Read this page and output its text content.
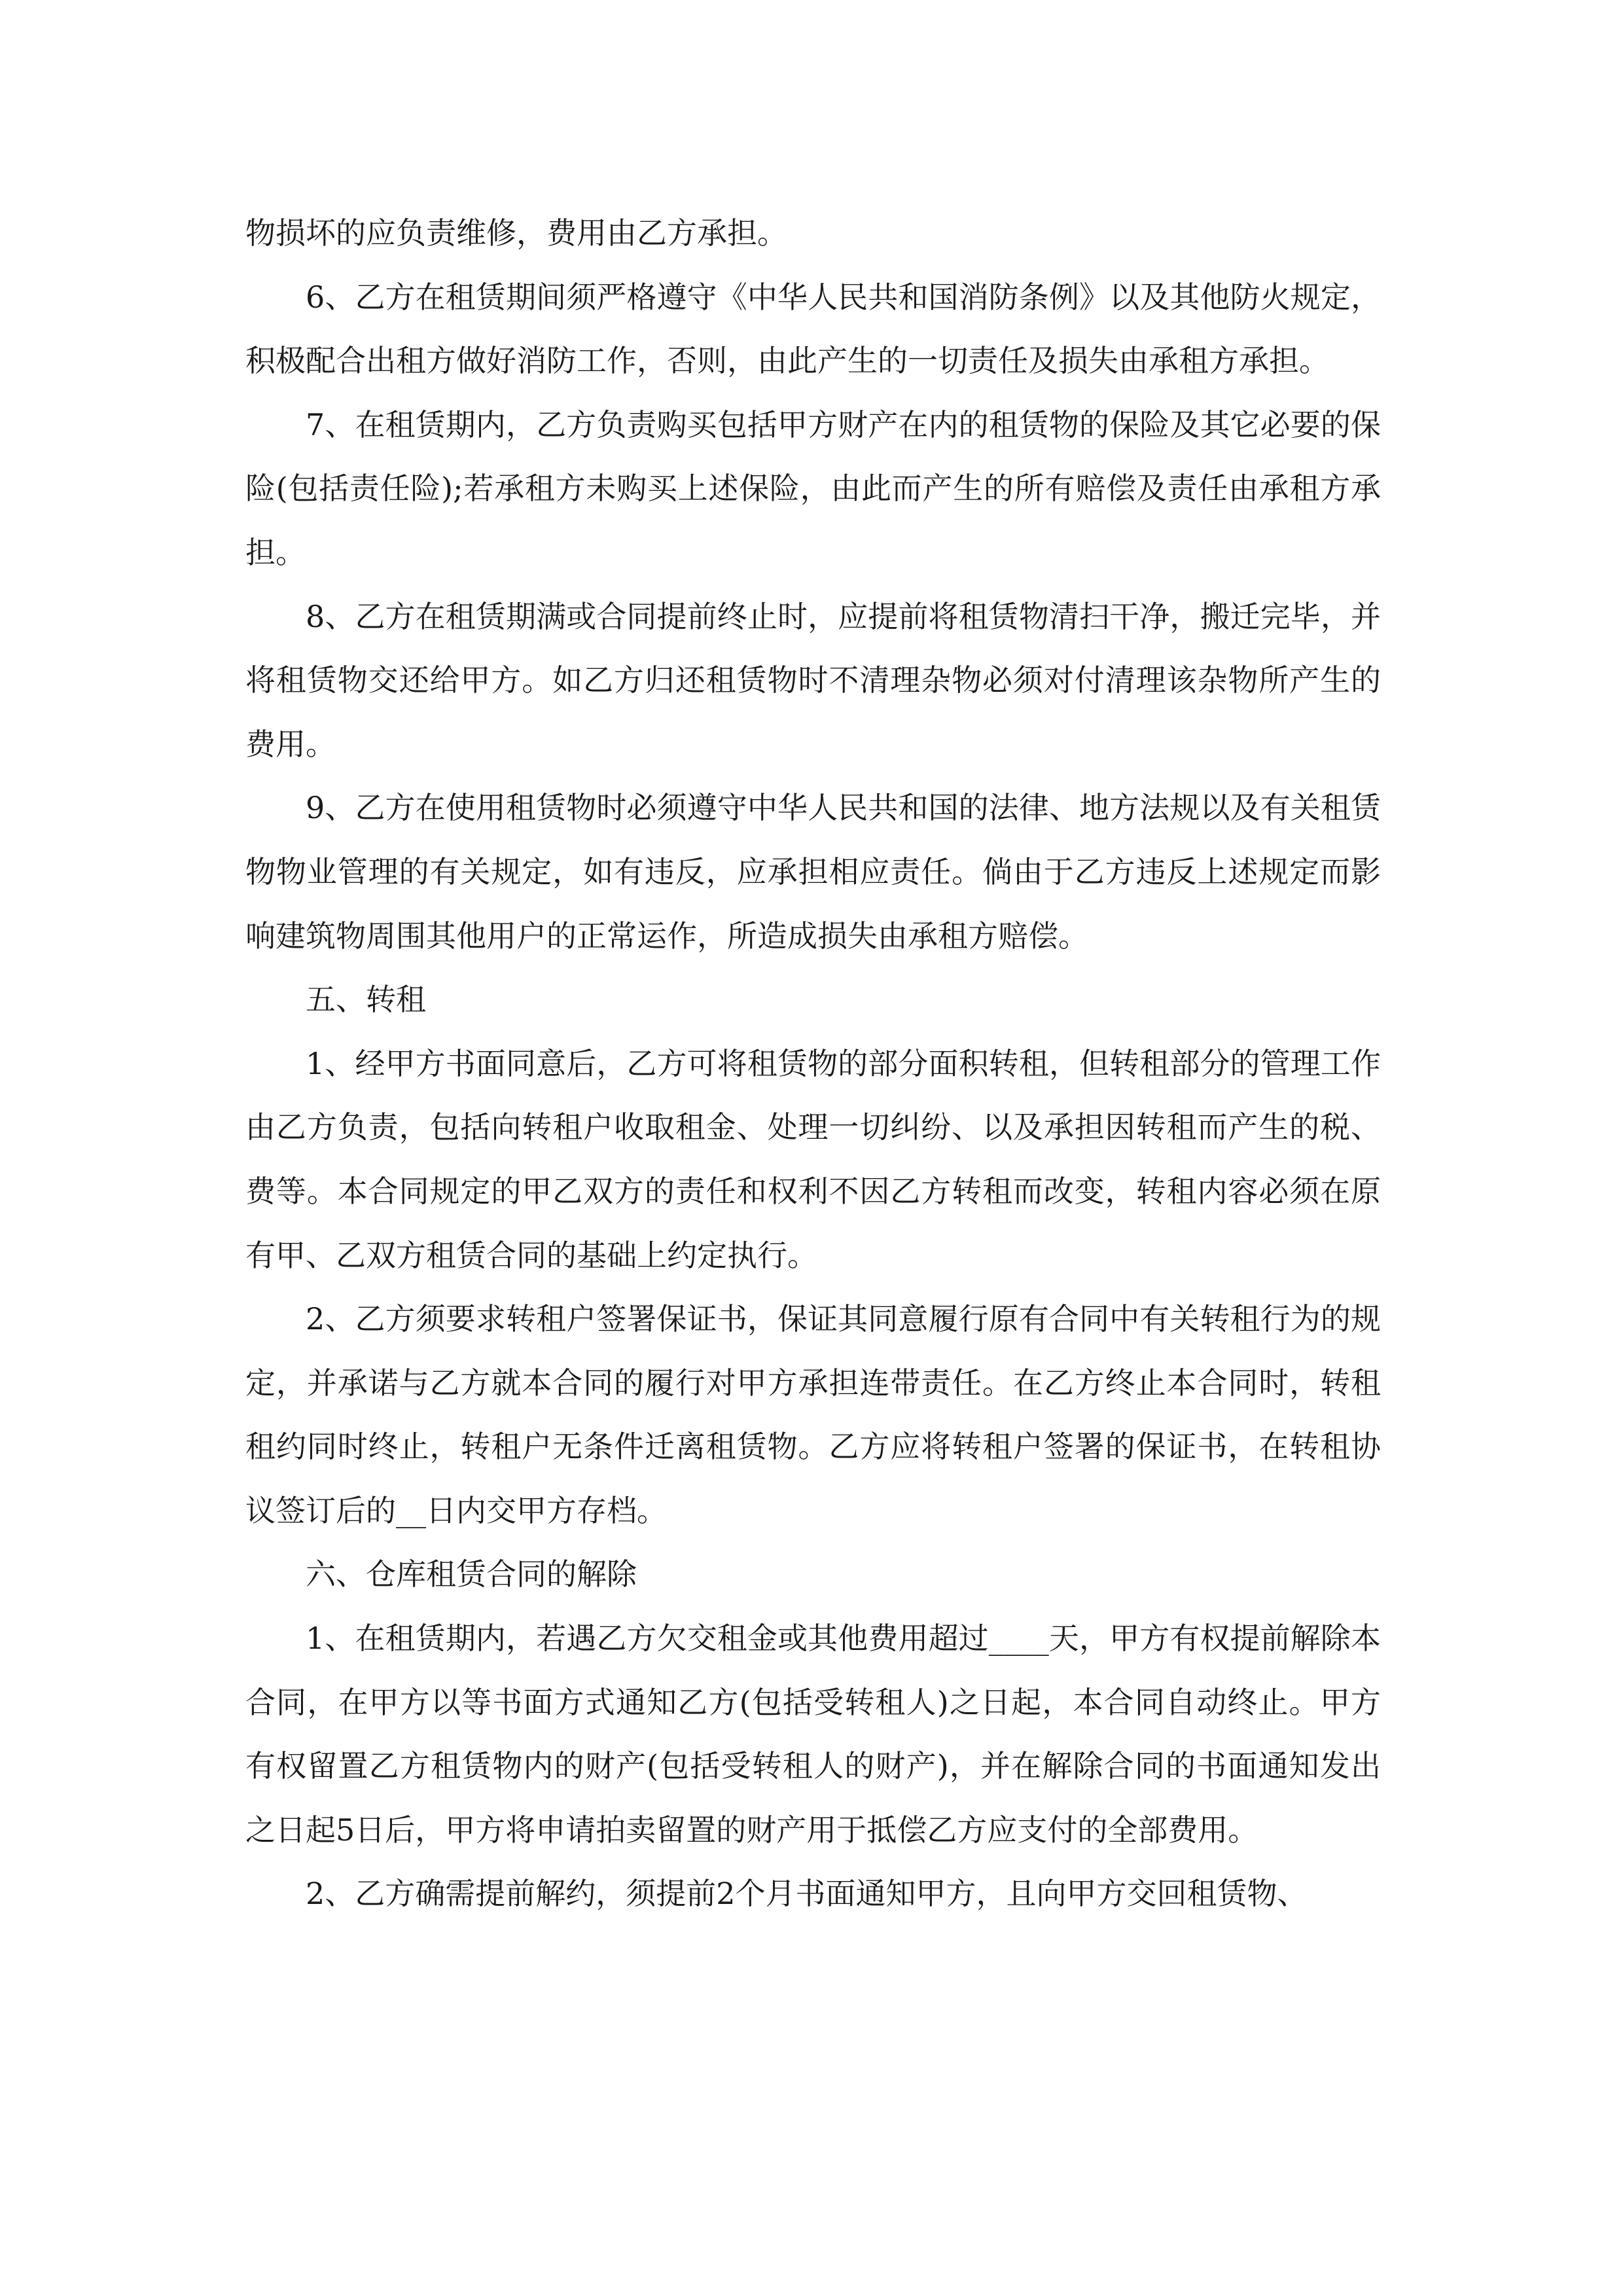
物损坏的应负责维修，费用由乙方承担。

6、乙方在租赁期间须严格遵守《中华人民共和国消防条例》以及其他防火规定，积极配合出租方做好消防工作，否则，由此产生的一切责任及损失由承租方承担。

7、在租赁期内，乙方负责购买包括甲方财产在内的租赁物的保险及其它必要的保险(包括责任险);若承租方未购买上述保险，由此而产生的所有赔偿及责任由承租方承担。

8、乙方在租赁期满或合同提前终止时，应提前将租赁物清扫干净，搬迁完毕，并将租赁物交还给甲方。如乙方归还租赁物时不清理杂物必须对付清理该杂物所产生的费用。

9、乙方在使用租赁物时必须遵守中华人民共和国的法律、地方法规以及有关租赁物物业管理的有关规定，如有违反，应承担相应责任。倘由于乙方违反上述规定而影响建筑物周围其他用户的正常运作，所造成损失由承租方赔偿。

五、转租

1、经甲方书面同意后，乙方可将租赁物的部分面积转租，但转租部分的管理工作由乙方负责，包括向转租户收取租金、处理一切纠纷、以及承担因转租而产生的税、费等。本合同规定的甲乙双方的责任和权利不因乙方转租而改变，转租内容必须在原有甲、乙双方租赁合同的基础上约定执行。

2、乙方须要求转租户签署保证书，保证其同意履行原有合同中有关转租行为的规定，并承诺与乙方就本合同的履行对甲方承担连带责任。在乙方终止本合同时，转租租约同时终止，转租户无条件迁离租赁物。乙方应将转租户签署的保证书，在转租协议签订后的__日内交甲方存档。

六、仓库租赁合同的解除

1、在租赁期内，若遇乙方欠交租金或其他费用超过____天，甲方有权提前解除本合同，在甲方以等书面方式通知乙方(包括受转租人)之日起，本合同自动终止。甲方有权留置乙方租赁物内的财产(包括受转租人的财产)，并在解除合同的书面通知发出之日起5日后，甲方将申请拍卖留置的财产用于抵偿乙方应支付的全部费用。

2、乙方确需提前解约，须提前2个月书面通知甲方，且向甲方交回租赁物、
